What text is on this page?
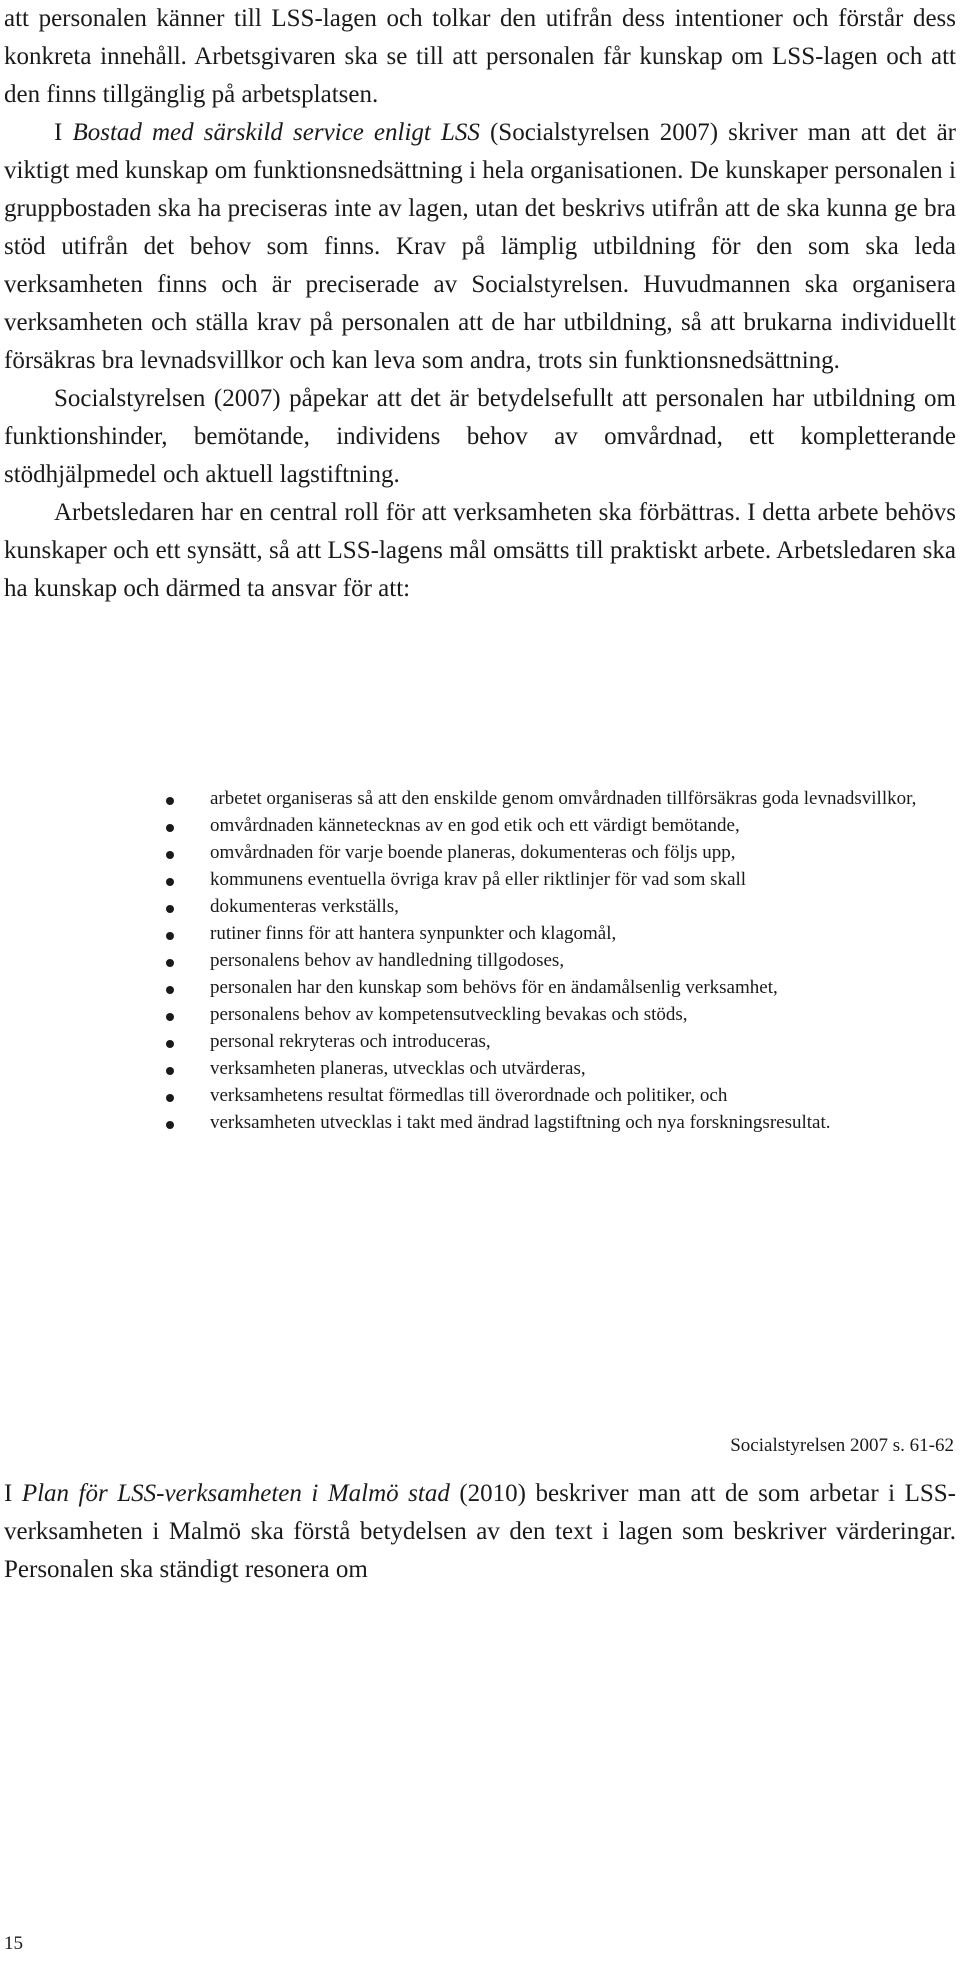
att personalen känner till LSS-lagen och tolkar den utifrån dess intentioner och förstår dess konkreta innehåll. Arbetsgivaren ska se till att personalen får kunskap om LSS-lagen och att den finns tillgänglig på arbetsplatsen.

I Bostad med särskild service enligt LSS (Socialstyrelsen 2007) skriver man att det är viktigt med kunskap om funktionsnedsättning i hela organisationen. De kunskaper personalen i gruppbostaden ska ha preciseras inte av lagen, utan det beskrivs utifrån att de ska kunna ge bra stöd utifrån det behov som finns. Krav på lämplig utbildning för den som ska leda verksamheten finns och är preciserade av Socialstyrelsen. Huvudmannen ska organisera verksamheten och ställa krav på personalen att de har utbildning, så att brukarna individuellt försäkras bra levnadsvillkor och kan leva som andra, trots sin funktionsnedsättning.

Socialstyrelsen (2007) påpekar att det är betydelsefullt att personalen har utbildning om funktionshinder, bemötande, individens behov av omvårdnad, ett kompletterande stödhjälpmedel och aktuell lagstiftning.

Arbetsledaren har en central roll för att verksamheten ska förbättras. I detta arbete behövs kunskaper och ett synsätt, så att LSS-lagens mål omsätts till praktiskt arbete. Arbetsledaren ska ha kunskap och därmed ta ansvar för att:

arbetet organiseras så att den enskilde genom omvårdnaden tillförsäkras goda levnadsvillkor,
omvårdnaden kännetecknas av en god etik och ett värdigt bemötande,
omvårdnaden för varje boende planeras, dokumenteras och följs upp,
kommunens eventuella övriga krav på eller riktlinjer för vad som skall
dokumenteras verkställs,
rutiner finns för att hantera synpunkter och klagomål,
personalens behov av handledning tillgodoses,
personalen har den kunskap som behövs för en ändamålsenlig verksamhet,
personalens behov av kompetensutveckling bevakas och stöds,
personal rekryteras och introduceras,
verksamheten planeras, utvecklas och utvärderas,
verksamhetens resultat förmedlas till överordnade och politiker, och
verksamheten utvecklas i takt med ändrad lagstiftning och nya forskningsresultat.
Socialstyrelsen 2007 s. 61-62
I Plan för LSS-verksamheten i Malmö stad (2010) beskriver man att de som arbetar i LSS-verksamheten i Malmö ska förstå betydelsen av den text i lagen som beskriver värderingar. Personalen ska ständigt resonera om
15
